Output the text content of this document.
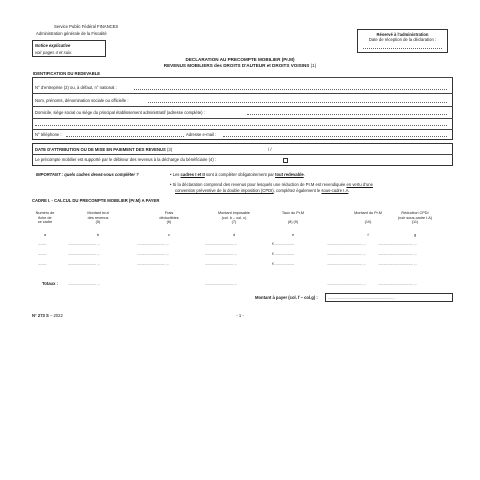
Service Public Fédéral FINANCES
Administration générale de la Fiscalité
Notice explicative
voir pages 4 et suiv.
Réservé à l'administration
Date de réception de la déclaration :
DECLARATION AU PRECOMPTE MOBILIER (Pr.M)
REVENUS MOBILIERS des DROITS D'AUTEUR et DROITS VOISINS (1)
IDENTIFICATION DU REDEVABLE
N° d'entreprise (2) ou, à défaut, n° national :
Nom, prénoms, dénomination sociale ou officielle :
Domicile, siège social ou siège du principal établissement administratif (adresse complète) :
N° téléphone :	Adresse e-mail :
DATE D'ATTRIBUTION OU DE MISE EN PAIEMENT DES REVENUS (3)	/ /
Le précompte mobilier est supporté par le débiteur des revenus à la décharge du bénéficiaire (4) :
IMPORTANT : quels cadres devez-vous compléter ?	• Les cadres I et II sont à compléter obligatoirement par tout redevable.
• Si la déclaration comprend des revenus pour lesquels une réduction de Pr.M est revendiquée en vertu d'une
convention préventive de la double imposition (CPDI), complétez également le sous-cadre I.A.
CADRE I. - CALCUL DU PRECOMPTE MOBILIER (Pr.M) A PAYER
Numéro de
fiche de
ce cadre
Montant brut
des revenus
(5)
Frais
déductibles
(6)
Montant imposable
(col. b – col. c)
(7)
Taux du Pr.M

(8) (9)
Montant du Pr.M

(10)
Réduction CPDI
(voir sous-cadre I.A)
(11)
a	b	c	d	e	f	g
............	........................................ , ..	........................................ , ..	........................................ , ..	€ ............................	.................................................. , ..	.................................................. , ..
............	........................................ , ..	........................................ , ..	........................................ , ..	€ ............................	.................................................. , ..	.................................................. , ..
............	........................................ , ..	........................................ , ..	........................................ , ..	€ ............................	.................................................. , ..	.................................................. , ..
Totaux :	........................................ , ..	........................................ , ..	.................................................. , ..	.................................................. , ..
Montant à payer (col. f – col.g) :	........................................................................................... , ..
N° 273 S – 2022	- 1 -
